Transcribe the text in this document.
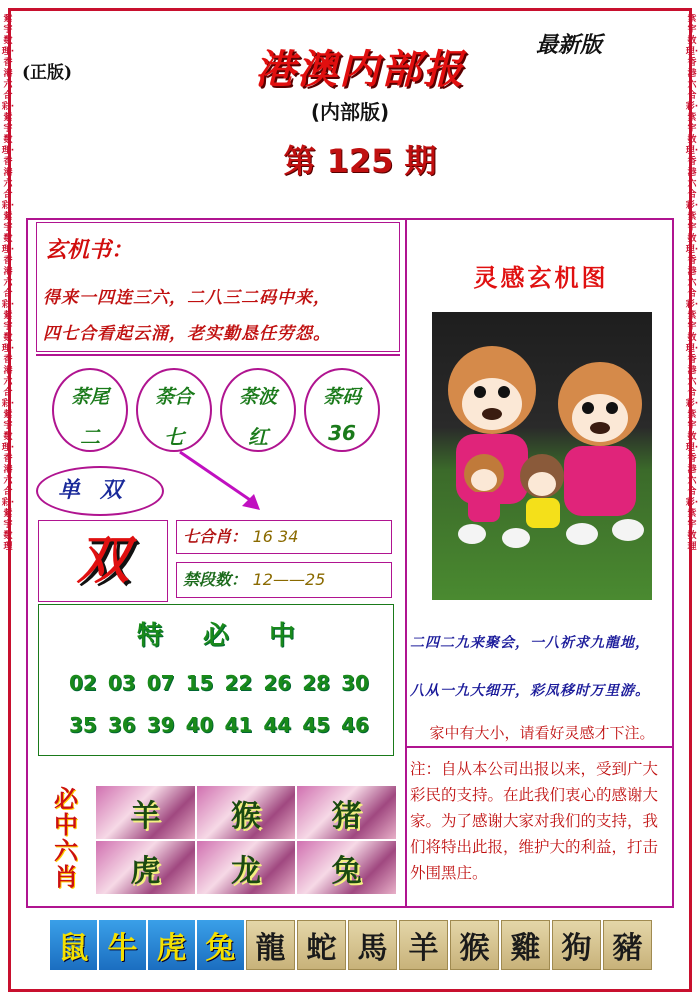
紫宇数理·香港六合彩·紫宇数理·香港六合彩·紫宇数理·香港六合彩·紫宇数理·香港六合彩·紫宇数理·香港六合彩·紫宇数理
紫宇数理·香港六合彩·紫宇数理·香港六合彩·紫宇数理·香港六合彩·紫宇数理·香港六合彩·紫宇数理·香港六合彩·紫宇数理
(正版)
最新版
港澳内部报
(内部版)
第 125 期
玄机书：
得来一四连三六，二八三二码中来，
四七合看起云涌，老实勤恳任劳怨。
荼尾
二
荼合
七
荼波
红
荼码
36
单双
双	七合肖： 16 34
禁段数： 12——25
特必中
02 03 07 15 22 26 28 30
35 36 39 40 41 44 45 46
必中六肖
羊	猴	猪
虎	龙	兔
灵感玄机图
二四二九来聚会，一八祈求九龍地，
八从一九大细开，彩凤移时万里游。
家中有大小，请看好灵感才下注。
注：自从本公司出报以来，受到广大彩民的支持。在此我们衷心的感谢大家。为了感谢大家对我们的支持，我们将特出此报，维护大的利益，打击外围黑庄。
鼠 牛 虎 兔 龍 蛇 馬 羊 猴 雞 狗 豬
